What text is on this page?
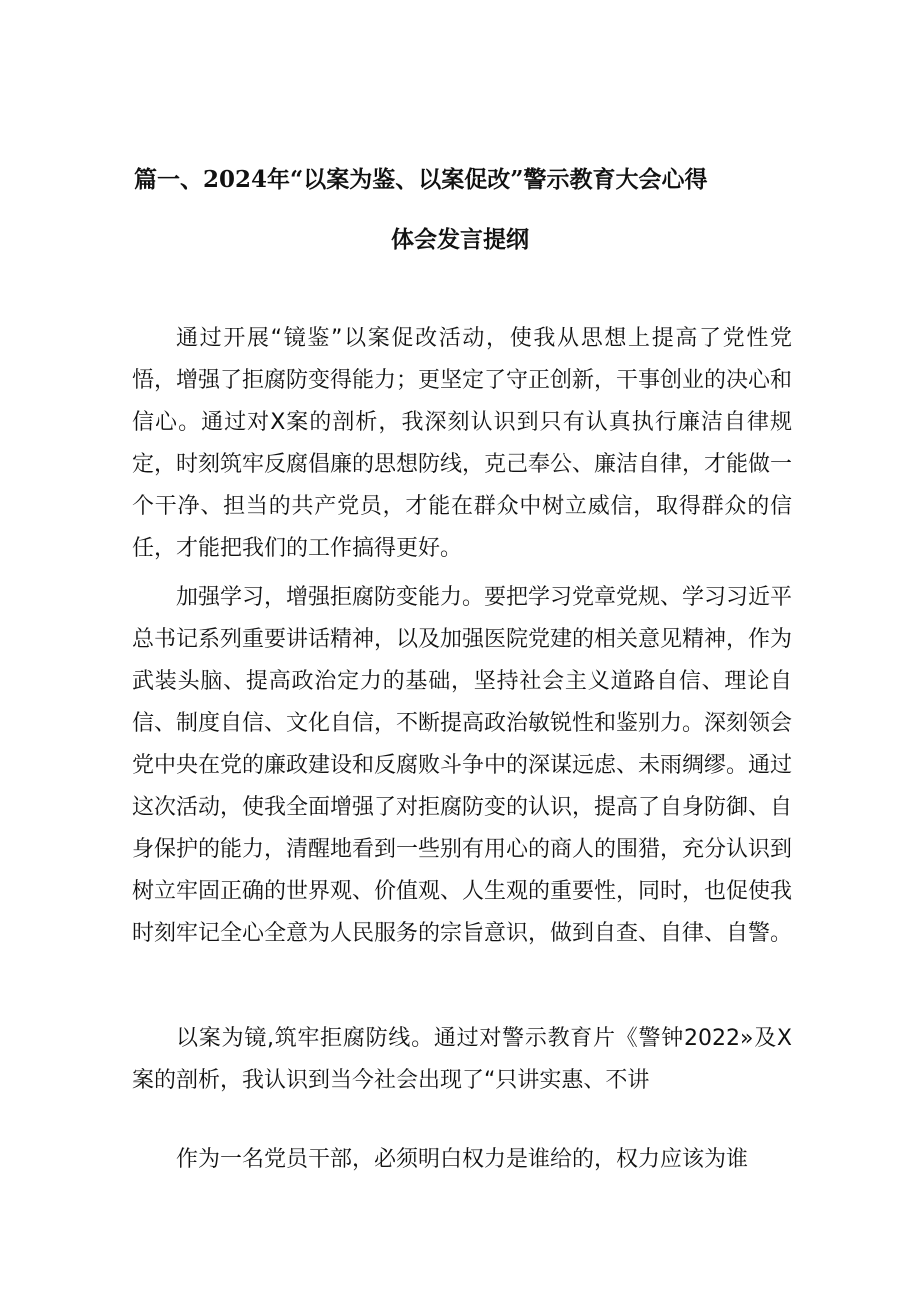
篇一、2024年“以案为鉴、以案促改”警示教育大会心得
体会发言提纲

通过开展“镜鉴”以案促改活动，使我从思想上提高了党性党悟，增强了拒腐防变得能力；更坚定了守正创新，干事创业的决心和信心。通过对X案的剖析，我深刻认识到只有认真执行廉洁自律规定，时刻筑牢反腐倡廉的思想防线，克己奉公、廉洁自律，才能做一个干净、担当的共产党员，才能在群众中树立威信，取得群众的信任，才能把我们的工作搞得更好。

加强学习，增强拒腐防变能力。要把学习党章党规、学习习近平总书记系列重要讲话精神，以及加强医院党建的相关意见精神，作为武装头脑、提高政治定力的基础，坚持社会主义道路自信、理论自信、制度自信、文化自信，不断提高政治敏锐性和鉴别力。深刻领会党中央在党的廉政建设和反腐败斗争中的深谋远虑、未雨绸缪。通过这次活动，使我全面增强了对拒腐防变的认识，提高了自身防御、自身保护的能力，清醒地看到一些别有用心的商人的围猎，充分认识到树立牢固正确的世界观、价值观、人生观的重要性，同时，也促使我时刻牢记全心全意为人民服务的宗旨意识，做到自查、自律、自警。

以案为镜,筑牢拒腐防线。通过对警示教育片《警钟2022»及X案的剖析，我认识到当今社会出现了“只讲实惠、不讲

作为一名党员干部，必须明白权力是谁给的，权力应该为谁
